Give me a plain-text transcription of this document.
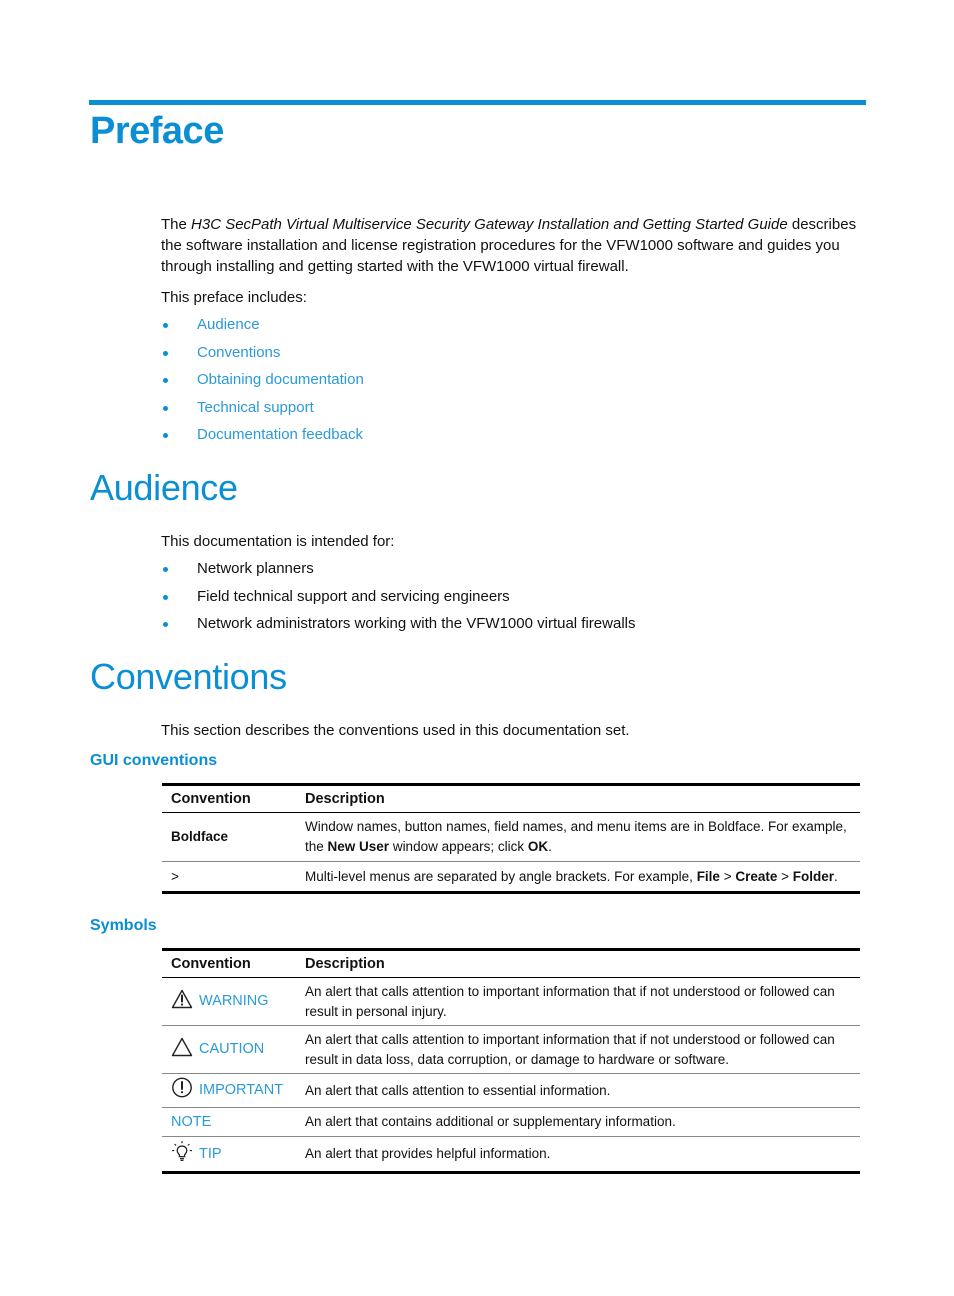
Preface

The H3C SecPath Virtual Multiservice Security Gateway Installation and Getting Started Guide describes the software installation and license registration procedures for the VFW1000 software and guides you through installing and getting started with the VFW1000 virtual firewall.

This preface includes:

Audience
Conventions
Obtaining documentation
Technical support
Documentation feedback
Audience

This documentation is intended for:

Network planners
Field technical support and servicing engineers
Network administrators working with the VFW1000 virtual firewalls
Conventions

This section describes the conventions used in this documentation set.

GUI conventions
Convention	Description
Boldface	Window names, button names, field names, and menu items are in Boldface. For example, the New User window appears; click OK.
>	Multi-level menus are separated by angle brackets. For example, File > Create > Folder.
Symbols
Convention	Description

WARNING	An alert that calls attention to important information that if not understood or followed can result in personal injury.

CAUTION	An alert that calls attention to important information that if not understood or followed can result in data loss, data corruption, or damage to hardware or software.

IMPORTANT	An alert that calls attention to essential information.

NOTE	An alert that contains additional or supplementary information.

TIP	An alert that provides helpful information.
